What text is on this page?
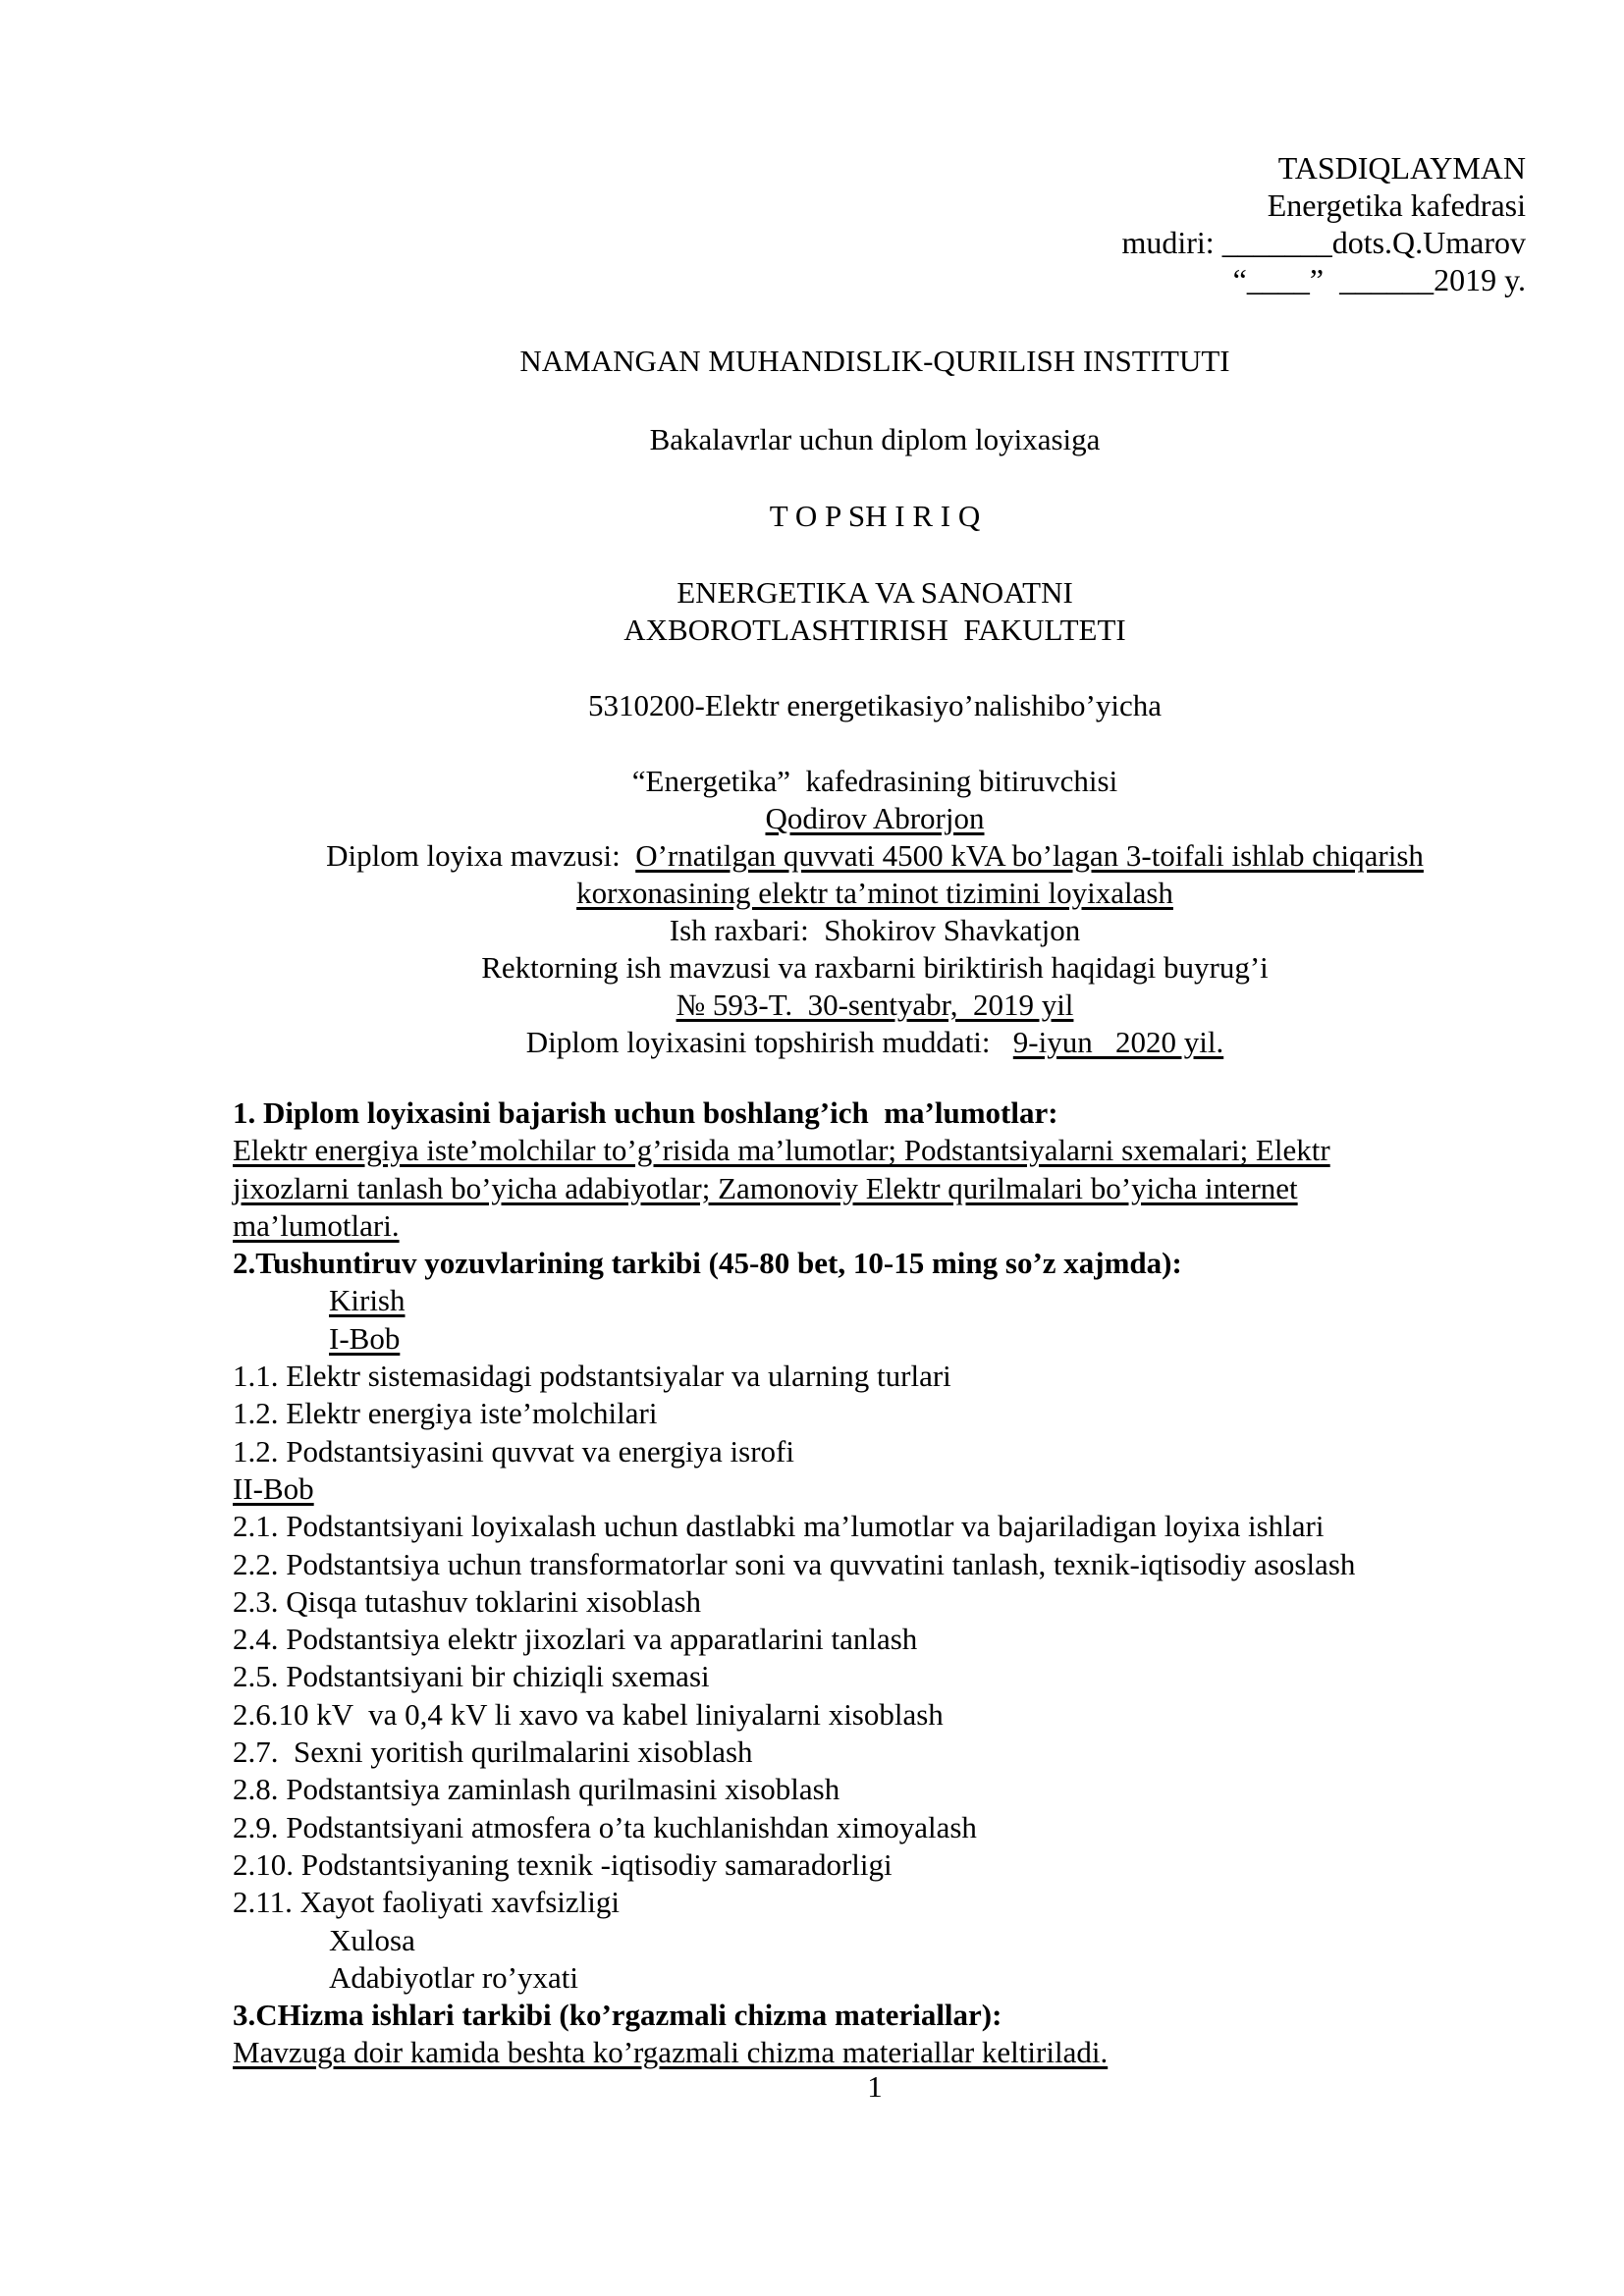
TASDIQLAYMAN
Energetika kafedrasi
mudiri: _______dots.Q.Umarov
“____”  ______2019 y.
NAMANGAN MUHANDISLIK-QURILISH INSTITUTI
Bakalavrlar uchun diplom loyixasiga
T O P SH I R I Q
ENERGETIKA VA SANOATNI
AXBOROTLASHTIRISH  FAKULTETI
5310200-Elektr energetikasiyo’nalishibo’yicha
“Energetika”  kafedrasining bitiruvchisi
Qodirov Abrorjon
Diplom loyixa mavzusi:  O’rnatilgan quvvati 4500 kVA bo’lagan 3-toifali ishlab chiqarish
korxonasining elektr ta’minot tizimini loyixalash
Ish raxbari:  Shokirov Shavkatjon
Rektorning ish mavzusi va raxbarni biriktirish haqidagi buyrug’i
№ 593-T.  30-sentyabr,  2019 yil
Diplom loyixasini topshirish muddati:   9-iyun   2020 yil.
1. Diplom loyixasini bajarish uchun boshlang’ich  ma’lumotlar:
Elektr energiya iste’molchilar to’g’risida ma’lumotlar; Podstantsiyalarni sxemalari; Elektr
jixozlarni tanlash bo’yicha adabiyotlar; Zamonoviy Elektr qurilmalari bo’yicha internet
ma’lumotlari.
2.Tushuntiruv yozuvlarining tarkibi (45-80 bet, 10-15 ming so’z xajmda):
Kirish
I-Bob
1.1. Elektr sistemasidagi podstantsiyalar va ularning turlari
1.2. Elektr energiya iste’molchilari
1.2. Podstantsiyasini quvvat va energiya isrofi
II-Bob
2.1. Podstantsiyani loyixalash uchun dastlabki ma’lumotlar va bajariladigan loyixa ishlari
2.2. Podstantsiya uchun transformatorlar soni va quvvatini tanlash, texnik-iqtisodiy asoslash
2.3. Qisqa tutashuv toklarini xisoblash
2.4. Podstantsiya elektr jixozlari va apparatlarini tanlash
2.5. Podstantsiyani bir chiziqli sxemasi
2.6.10 kV  va 0,4 kV li xavo va kabel liniyalarni xisoblash
2.7.  Sexni yoritish qurilmalarini xisoblash
2.8. Podstantsiya zaminlash qurilmasini xisoblash
2.9. Podstantsiyani atmosfera o’ta kuchlanishdan ximoyalash
2.10. Podstantsiyaning texnik -iqtisodiy samaradorligi
2.11. Xayot faoliyati xavfsizligi
Xulosa
Adabiyotlar ro’yxati
3.CHizma ishlari tarkibi (ko’rgazmali chizma materiallar):
Mavzuga doir kamida beshta ko’rgazmali chizma materiallar keltiriladi.
1
